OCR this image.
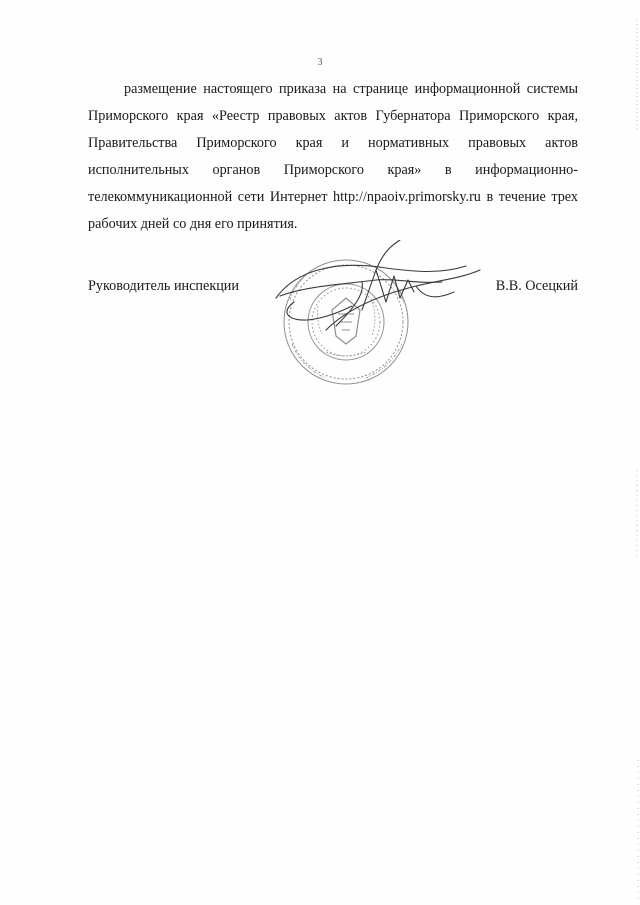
3

размещение настоящего приказа на странице информационной системы Приморского края «Реестр правовых актов Губернатора Приморского края, Правительства Приморского края и нормативных правовых актов исполнительных органов Приморского края» в информационно-телекоммуникационной сети Интернет http://npaoiv.primorsky.ru в течение трех рабочих дней со дня его принятия.

Руководитель инспекции	В.В. Осецкий
